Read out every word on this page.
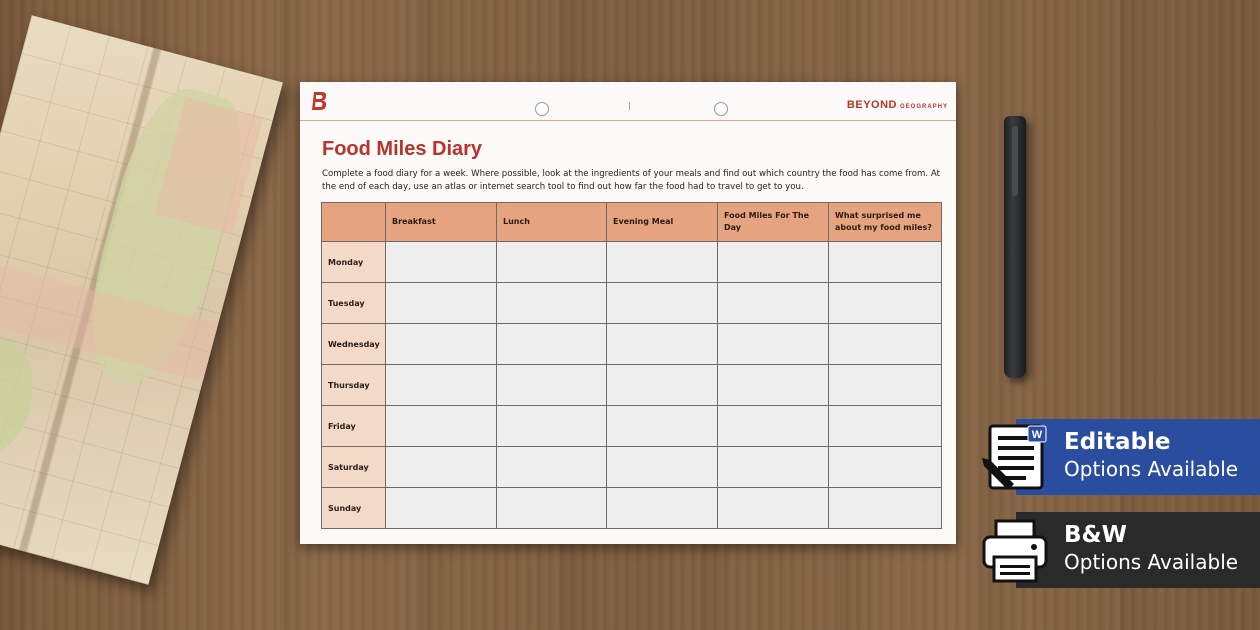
BEYOND GEOGRAPHY
Food Miles Diary

Complete a food diary for a week. Where possible, look at the ingredients of your meals and find out which country the food has come from. At the end of each day, use an atlas or internet search tool to find out how far the food had to travel to get to you.

	Breakfast	Lunch	Evening Meal	Food Miles For The Day	What surprised me about my food miles?
Monday					
Tuesday					
Wednesday					
Thursday					
Friday					
Saturday					
Sunday					
Editable
Options Available
W
B&W
Options Available
